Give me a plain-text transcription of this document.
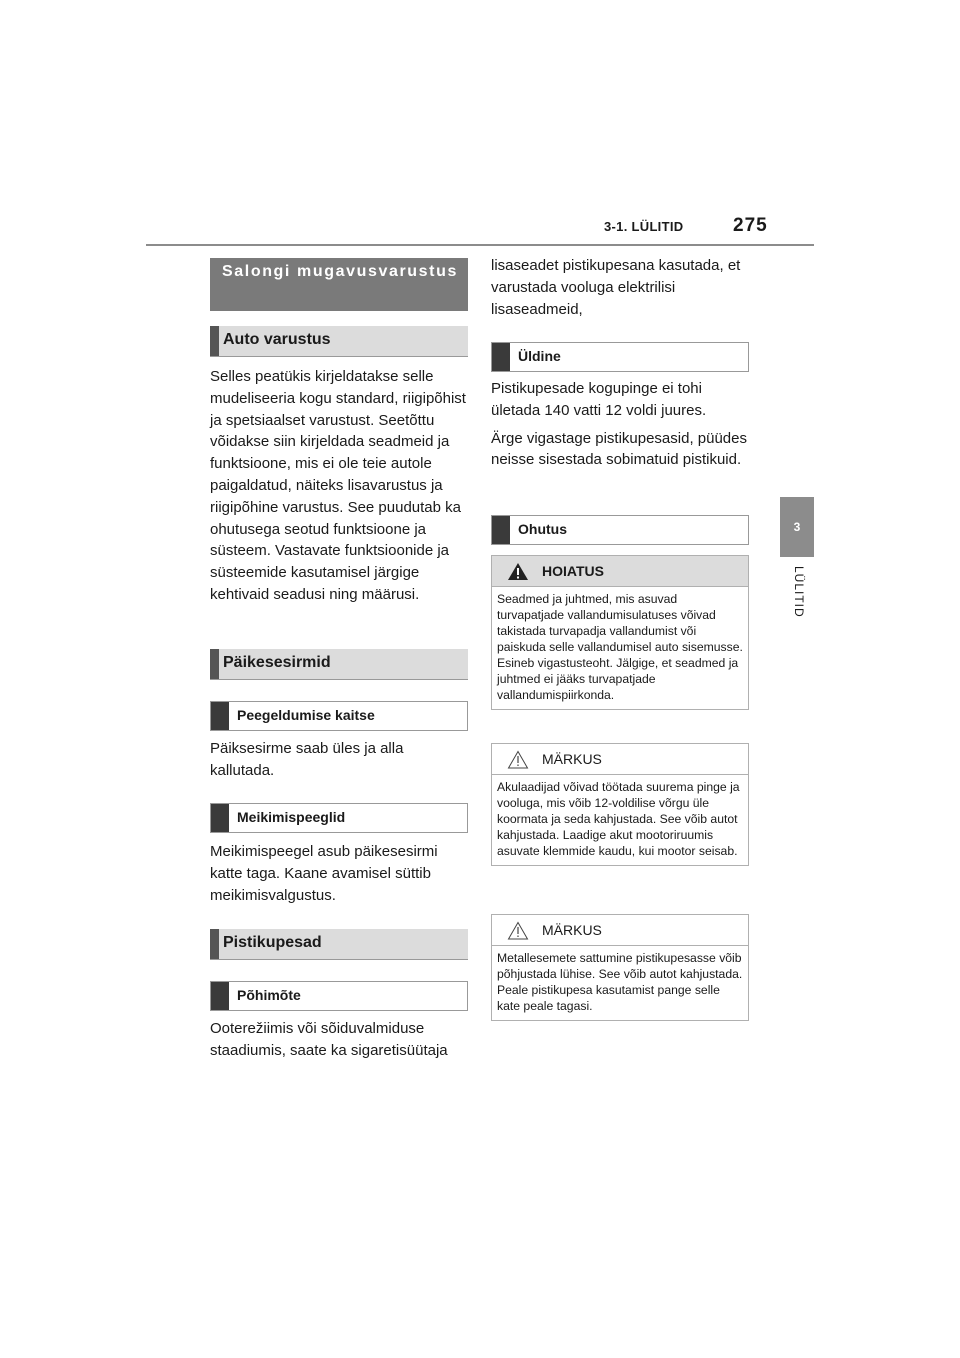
3-1. LÜLITID	275
3
LÜLITID
Salongi mugavusvarustus
Auto varustus

Selles peatükis kirjeldatakse selle mudeliseeria kogu standard, riigipõhist ja spetsiaalset varustust. Seetõttu võidakse siin kirjeldada seadmeid ja funktsioone, mis ei ole teie autole paigaldatud, näiteks lisavarustus ja riigipõhine varustus. See puudutab ka ohutusega seotud funktsioone ja süsteem. Vastavate funktsioonide ja süsteemide kasutamisel järgige kehtivaid seadusi ning määrusi.

Päikesesirmid
Peegeldumise kaitse

Päiksesirme saab üles ja alla kallutada.

Meikimispeeglid

Meikimispeegel asub päikesesirmi katte taga. Kaane avamisel süttib meikimisvalgustus.

Pistikupesad
Põhimõte

Ooterežiimis või sõiduvalmiduse staadiumis, saate ka sigaretisüütaja

lisaseadet pistikupesana kasutada, et varustada vooluga elektrilisi lisaseadmeid,

Üldine

Pistikupesade kogupinge ei tohi ületada 140 vatti 12 voldi juures.

Ärge vigastage pistikupesasid, püüdes neisse sisestada sobimatuid pistikuid.

Ohutus
HOIATUS
Seadmed ja juhtmed, mis asuvad turvapatjade vallandumisulatuses võivad takistada turvapadja vallandumist või paiskuda selle vallandumisel auto sisemusse. Esineb vigastusteoht. Jälgige, et seadmed ja juhtmed ei jääks turvapatjade vallandumispiirkonda.
MÄRKUS
Akulaadijad võivad töötada suurema pinge ja vooluga, mis võib 12-voldilise võrgu üle koormata ja seda kahjustada. See võib autot kahjustada. Laadige akut mootoriruumis asuvate klemmide kaudu, kui mootor seisab.
MÄRKUS
Metallesemete sattumine pistikupesasse võib põhjustada lühise. See võib autot kahjustada. Peale pistikupesa kasutamist pange selle kate peale tagasi.
